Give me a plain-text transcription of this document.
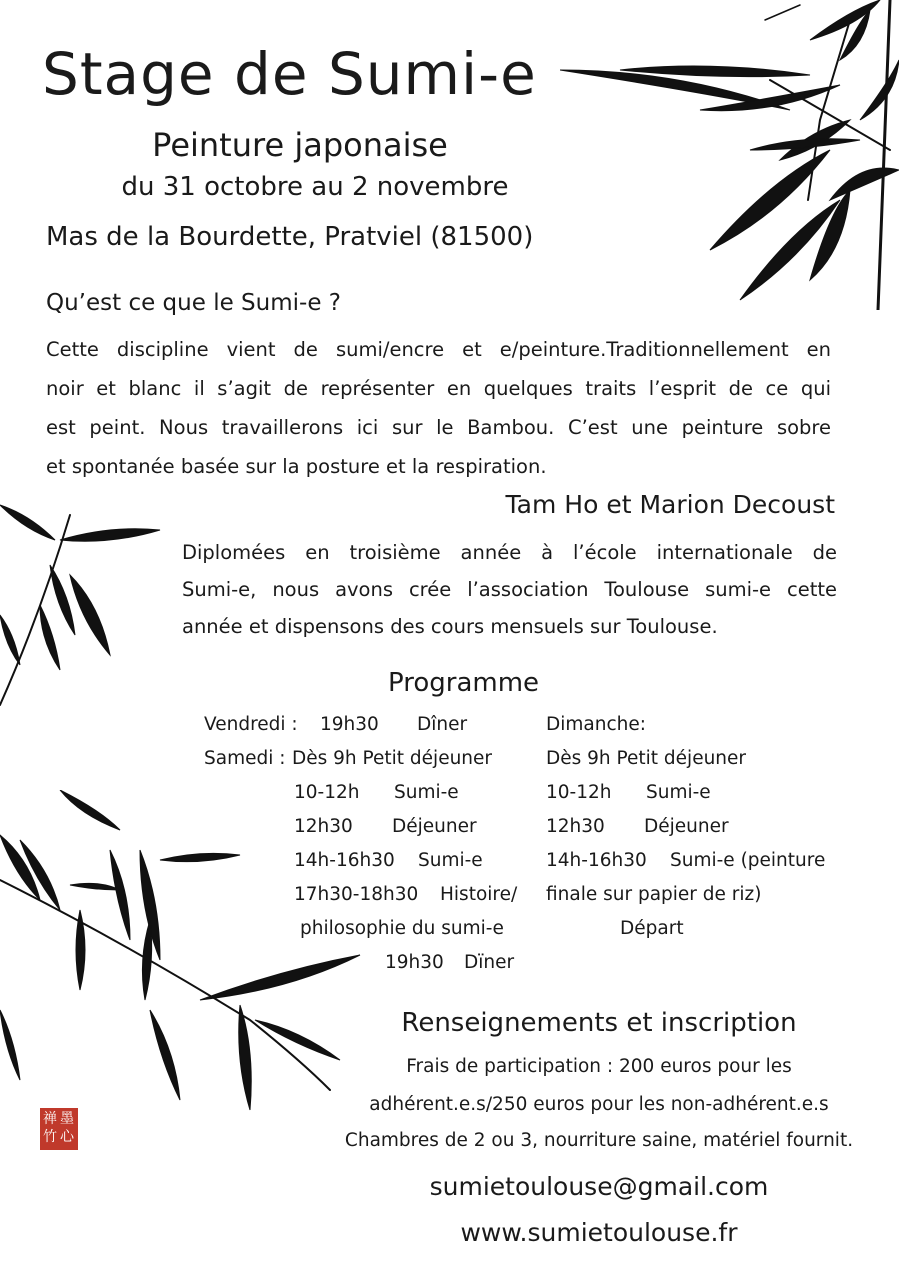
禅 墨
竹 心
Stage de Sumi-e
Peinture japonaise
du 31 octobre au 2 novembre
Mas de la Bourdette, Pratviel (81500)
Qu’est ce que le Sumi-e ?
Cette discipline vient de sumi/encre et e/peinture.Traditionnellement en
noir et blanc il s’agit de représenter en quelques traits l’esprit de ce qui
est peint. Nous travaillerons ici sur le Bambou. C’est une peinture sobre
et spontanée basée sur la posture et la respiration.
Tam Ho et Marion Decoust
Diplomées en troisième année à l’école internationale de
Sumi-e, nous avons crée l’association Toulouse sumi-e cette
année et dispensons des cours mensuels sur Toulouse.
Programme
Vendredi : 19h30 Dîner
Samedi : Dès 9h Petit déjeuner
10-12h Sumi-e
12h30 Déjeuner
14h-16h30 Sumi-e
17h30-18h30 Histoire/
philosophie du sumi-e
19h30 Dïner
Dimanche:
Dès 9h Petit déjeuner
10-12h Sumi-e
12h30 Déjeuner
14h-16h30 Sumi-e (peinture
finale sur papier de riz)
Départ
Renseignements et inscription
Frais de participation : 200 euros pour les
adhérent.e.s/250 euros pour les non-adhérent.e.s
Chambres de 2 ou 3, nourriture saine, matériel fournit.
sumietoulouse@gmail.com
www.sumietoulouse.fr
